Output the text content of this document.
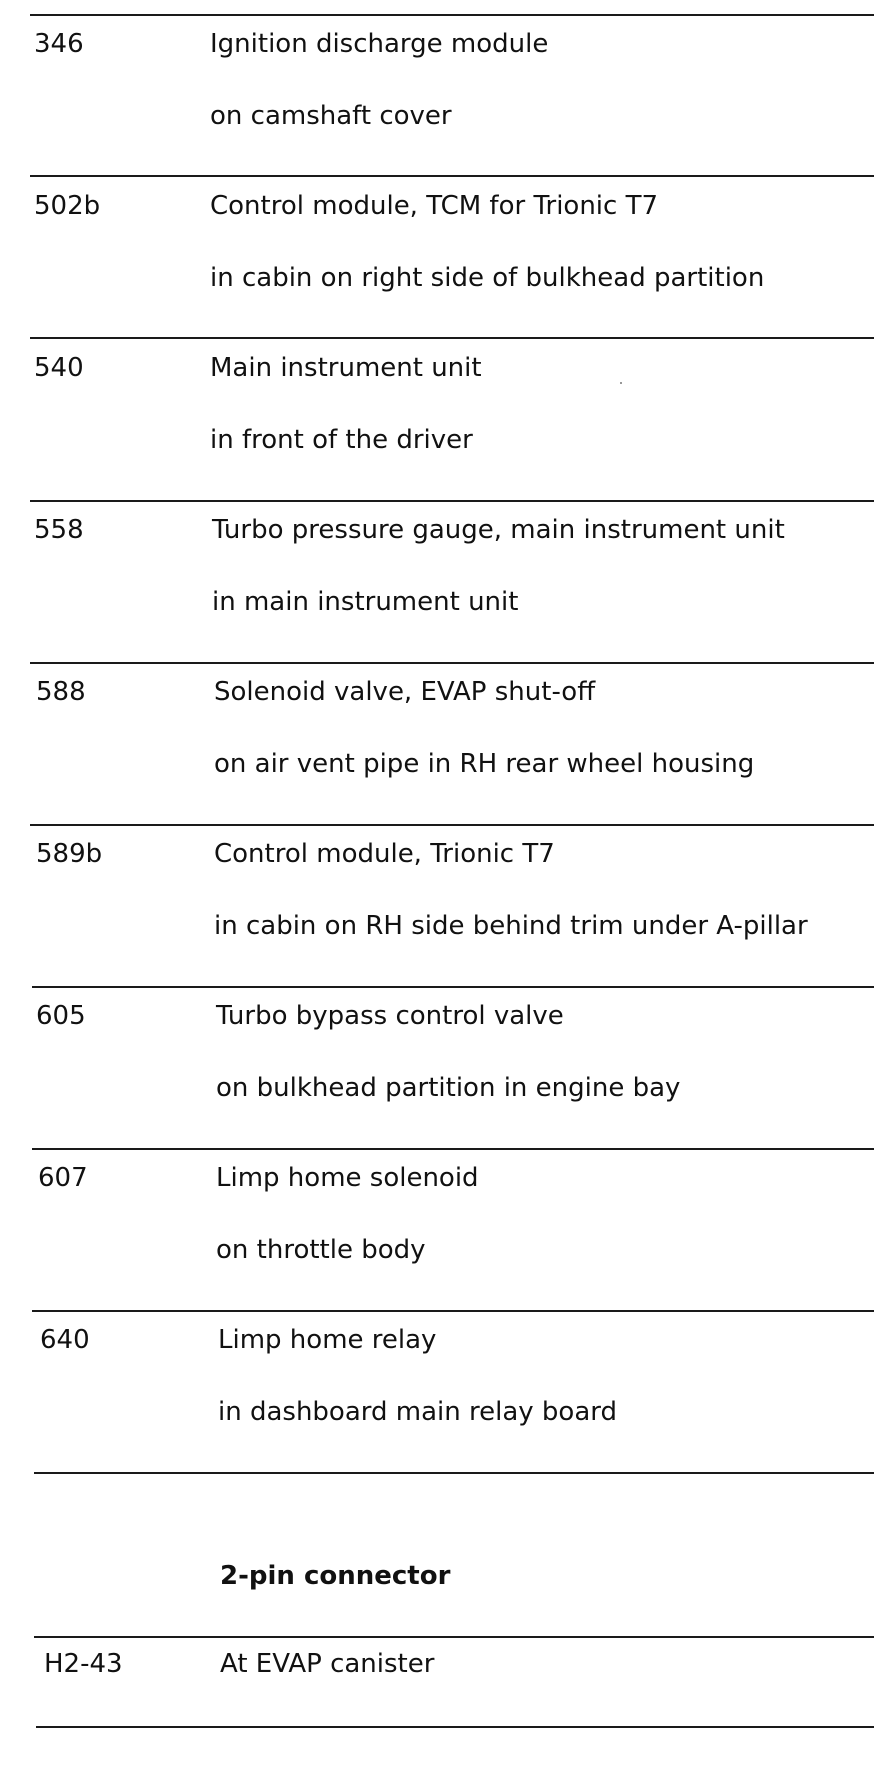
346	Ignition discharge module
on camshaft cover
502b	Control module, TCM for Trionic T7
in cabin on right side of bulkhead partition
540	Main instrument unit
in front of the driver
558	Turbo pressure gauge, main instrument unit
in main instrument unit
588	Solenoid valve, EVAP shut-off
on air vent pipe in RH rear wheel housing
589b	Control module, Trionic T7
in cabin on RH side behind trim under A-pillar
605	Turbo bypass control valve
on bulkhead partition in engine bay
607	Limp home solenoid
on throttle body
640	Limp home relay
in dashboard main relay board
2-pin connector
H2-43	At EVAP canister
